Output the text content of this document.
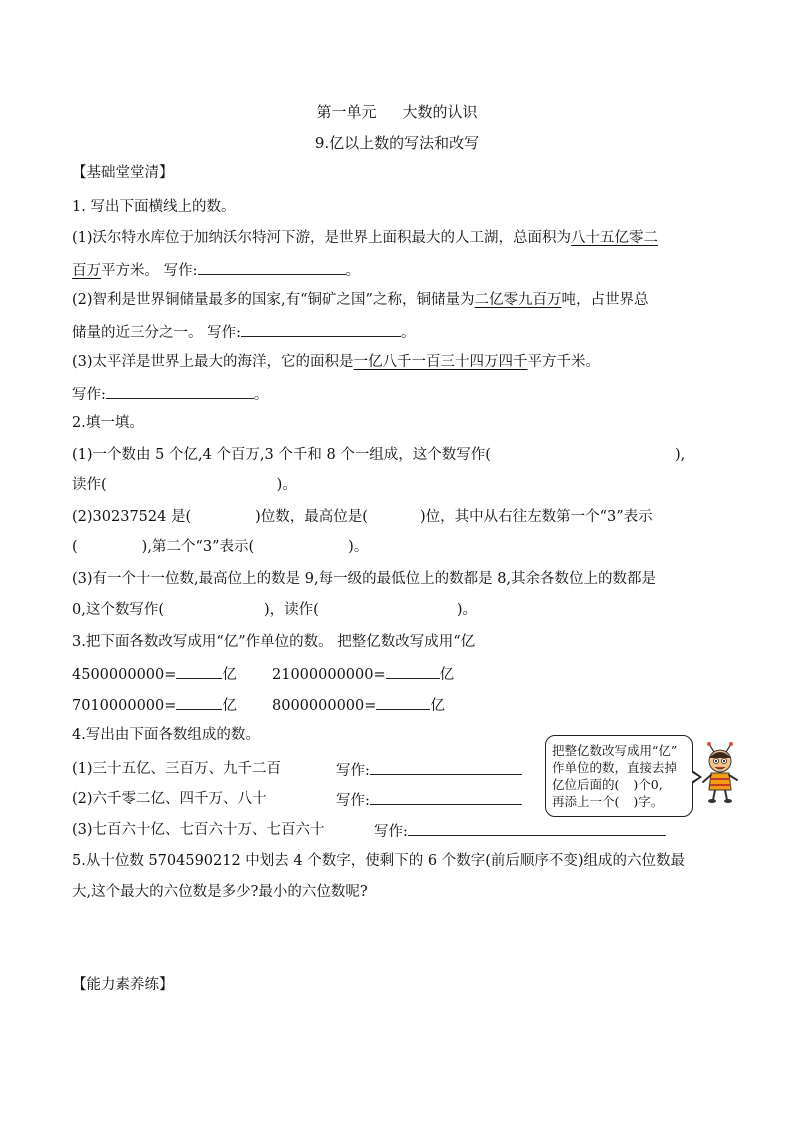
第一单元 大数的认识
9.亿以上数的写法和改写
【基础堂堂清】
1. 写出下面横线上的数。
(1)沃尔特水库位于加纳沃尔特河下游，是世界上面积最大的人工湖，总面积为八十五亿零二
百万平方米。 写作:	。
(2)智利是世界铜储量最多的国家,有“铜矿之国”之称，铜储量为二亿零九百万吨，占世界总
储量的近三分之一。 写作:	。
(3)太平洋是世界上最大的海洋，它的面积是一亿八千一百三十四万四千平方千米。
写作:	。
2.填一填。
(1)一个数由 5 个亿,4 个百万,3 个千和 8 个一组成，这个数写作(	),
读作(	)。
(2)30237524 是(	)位数，最高位是(	)位，其中从右往左数第一个“3”表示
(	),第二个“3”表示(	)。
(3)有一个十一位数,最高位上的数是 9,每一级的最低位上的数都是 8,其余各数位上的数都是
0,这个数写作(	)，读作(	)。
3.把下面各数改写成用“亿”作单位的数。 把整亿数改写成用“亿
4500000000=	亿 21000000000=	亿
7010000000=	亿 8000000000=	亿
4.写出由下面各数组成的数。
(1)三十五亿、三百万、九千二百	写作:
(2)六千零二亿、四千万、八十	写作:
(3)七百六十亿、七百六十万、七百六十	写作:
把整亿数改写成用“亿”
作单位的数，直接去掉
亿位后面的( )个0,
再添上一个( )字。
5.从十位数 5704590212 中划去 4 个数字，使剩下的 6 个数字(前后顺序不变)组成的六位数最
大,这个最大的六位数是多少?最小的六位数呢?
【能力素养练】
